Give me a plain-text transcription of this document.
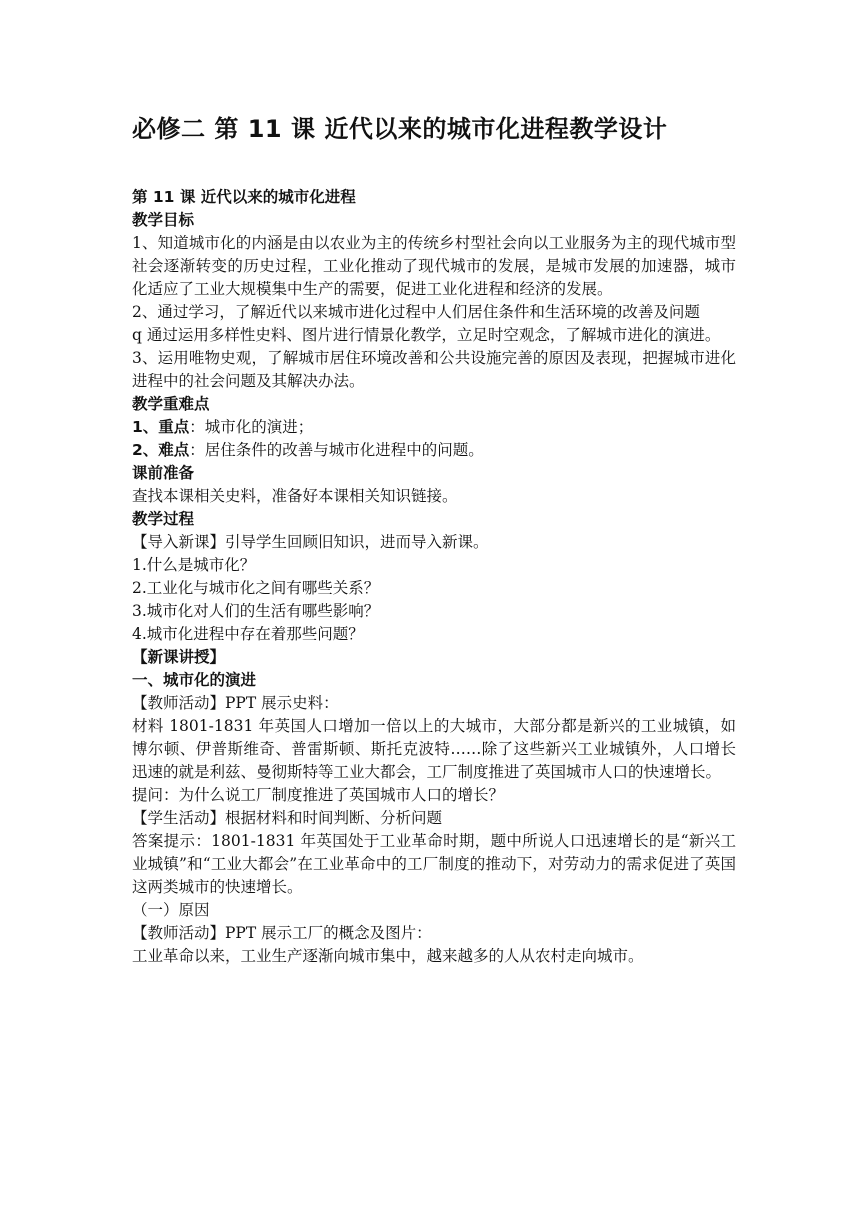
必修二 第 11 课 近代以来的城市化进程教学设计

第 11 课 近代以来的城市化进程

教学目标

1、知道城市化的内涵是由以农业为主的传统乡村型社会向以工业服务为主的现代城市型社会逐渐转变的历史过程，工业化推动了现代城市的发展，是城市发展的加速器，城市化适应了工业大规模集中生产的需要，促进工业化进程和经济的发展。

2、通过学习，了解近代以来城市进化过程中人们居住条件和生活环境的改善及问题

q 通过运用多样性史料、图片进行情景化教学，立足时空观念，了解城市进化的演进。

3、运用唯物史观，了解城市居住环境改善和公共设施完善的原因及表现，把握城市进化进程中的社会问题及其解决办法。

教学重难点

1、重点：城市化的演进；

2、难点：居住条件的改善与城市化进程中的问题。

课前准备

查找本课相关史料，准备好本课相关知识链接。

教学过程

【导入新课】引导学生回顾旧知识，进而导入新课。

1.什么是城市化？

2.工业化与城市化之间有哪些关系？

3.城市化对人们的生活有哪些影响？

4.城市化进程中存在着那些问题？

【新课讲授】

一、城市化的演进

【教师活动】PPT 展示史料：

材料 1801-1831 年英国人口增加一倍以上的大城市，大部分都是新兴的工业城镇，如博尔顿、伊普斯维奇、普雷斯顿、斯托克波特……除了这些新兴工业城镇外，人口增长迅速的就是利兹、曼彻斯特等工业大都会，工厂制度推进了英国城市人口的快速增长。

提问：为什么说工厂制度推进了英国城市人口的增长？

【学生活动】根据材料和时间判断、分析问题

答案提示：1801-1831 年英国处于工业革命时期，题中所说人口迅速增长的是“新兴工业城镇”和“工业大都会”在工业革命中的工厂制度的推动下，对劳动力的需求促进了英国这两类城市的快速增长。

（一）原因

【教师活动】PPT 展示工厂的概念及图片：

工业革命以来，工业生产逐渐向城市集中，越来越多的人从农村走向城市。
